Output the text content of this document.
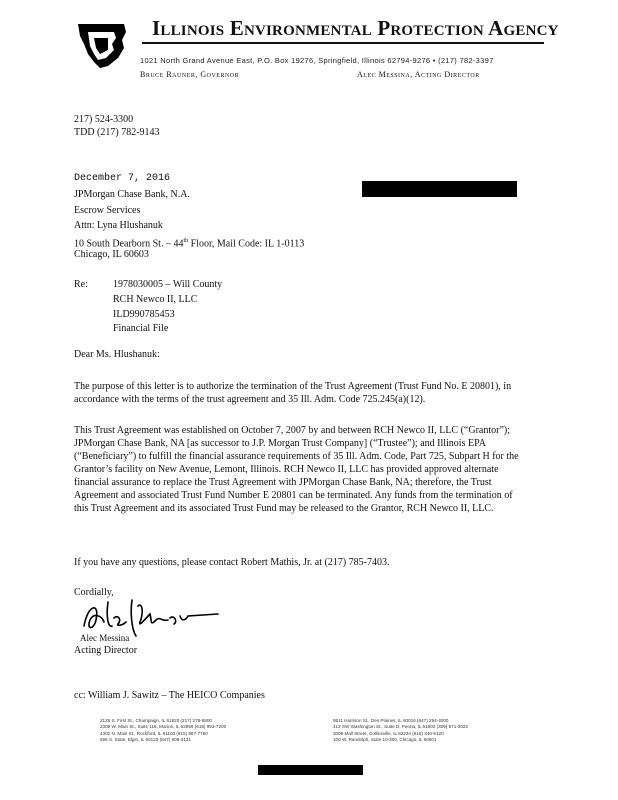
Illinois Environmental Protection Agency
1021 North Grand Avenue East, P.O. Box 19276, Springfield, Illinois 62794-9276 • (217) 782-3397
Bruce Rauner, Governor	Alec Messina, Acting Director
217) 524-3300
TDD (217) 782-9143
December 7, 2016
JPMorgan Chase Bank, N.A.
Escrow Services
Attn: Lyna Hlushanuk
10 South Dearborn St. – 44th Floor, Mail Code: IL 1-0113
Chicago, IL 60603
Re:	1978030005 – Will County
RCH Newco II, LLC
ILD990785453
Financial File
Dear Ms. Hlushanuk:
The purpose of this letter is to authorize the termination of the Trust Agreement (Trust Fund No. E 20801), in accordance with the terms of the trust agreement and 35 Ill. Adm. Code 725.245(a)(12).
This Trust Agreement was established on October 7, 2007 by and between RCH Newco II, LLC (“Grantor”); JPMorgan Chase Bank, NA [as successor to J.P. Morgan Trust Company] (“Trustee”); and Illinois EPA (“Beneficiary”) to fulfill the financial assurance requirements of 35 Ill. Adm. Code, Part 725, Subpart H for the Grantor’s facility on New Avenue, Lemont, Illinois. RCH Newco II, LLC has provided approved alternate financial assurance to replace the Trust Agreement with JPMorgan Chase Bank, NA; therefore, the Trust Agreement and associated Trust Fund Number E 20801 can be terminated. Any funds from the termination of this Trust Agreement and its associated Trust Fund may be released to the Grantor, RCH Newco II, LLC.
If you have any questions, please contact Robert Mathis, Jr. at (217) 785-7403.
Cordially,
Alec Messina
Acting Director
cc: William J. Sawitz – The HEICO Companies
2125 S. First St., Champaign, IL 61820 (217) 278-5800
2309 W. Main St., Suite 116, Marion, IL 62959 (618) 993-7200
4302 N. Main St., Rockford, IL 61103 (815) 987-7760
595 S. State, Elgin, IL 60123 (847) 608-3131
9511 Harrison St., Des Plaines, IL 60016 (847) 294-4000
412 SW Washington St., Suite D, Peoria, IL 61602 (309) 671-3022
2009 Mall Street, Collinsville, IL 62234 (618) 346-5120
100 W. Randolph, Suite 10-300, Chicago, IL 60601
